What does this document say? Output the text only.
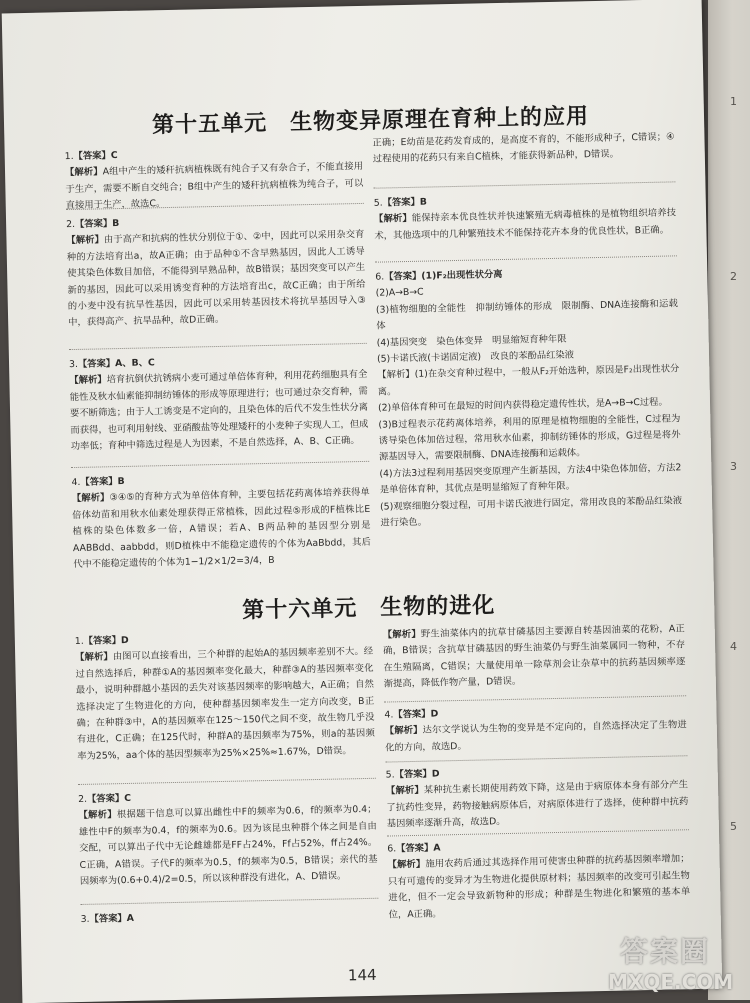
1
2
3
4
5
第十五单元　生物变异原理在育种上的应用
1.【答案】C
【解析】A组中产生的矮秆抗病植株既有纯合子又有杂合子，不能直接用于生产，需要不断自交纯合；B组中产生的矮秆抗病植株为纯合子，可以直接用于生产，故选C。
2.【答案】B
【解析】由于高产和抗病的性状分别位于①、②中，因此可以采用杂交育种的方法培育出a，故A正确；由于品种①不含早熟基因，因此人工诱导使其染色体数目加倍，不能得到早熟品种，故B错误；基因突变可以产生新的基因，因此可以采用诱变育种的方法培育出c，故C正确；由于所给的小麦中没有抗旱性基因，因此可以采用转基因技术将抗旱基因导入③中，获得高产、抗旱品种，故D正确。
3.【答案】A、B、C
【解析】培育抗倒伏抗锈病小麦可通过单倍体育种，利用花药细胞具有全能性及秋水仙素能抑制纺锤体的形成等原理进行；也可通过杂交育种，需要不断筛选；由于人工诱变是不定向的，且染色体的后代不发生性状分离而获得，也可利用射线、亚硝酸盐等处理矮秆的小麦种子实现人工，但成功率低；育种中筛选过程是人为因素，不是自然选择，A、B、C正确。
4.【答案】B
【解析】③④⑤的育种方式为单倍体育种，主要包括花药离体培养获得单倍体幼苗和用秋水仙素处理获得正常植株，因此过程⑤形成的F植株比E植株的染色体数多一倍，A错误；若A、B两品种的基因型分别是AABBdd、aabbdd，则D植株中不能稳定遗传的个体为AaBbdd，其后代中不能稳定遗传的个体为1−1/2×1/2=3/4，B
正确；E幼苗是花药发育成的，是高度不育的，不能形成种子，C错误；④过程使用的花药只有来自C植株，才能获得新品种，D错误。
5.【答案】B
【解析】能保持亲本优良性状并快速繁殖无病毒植株的是植物组织培养技术，其他选项中的几种繁殖技术不能保持花卉本身的优良性状，B正确。
6.【答案】(1)F₂出现性状分离
(2)A→B→C
(3)植物细胞的全能性　抑制纺锤体的形成　限制酶、DNA连接酶和运载体
(4)基因突变　染色体变异　明显缩短育种年限
(5)卡诺氏液(卡诺固定液)　改良的苯酚品红染液
【解析】(1)在杂交育种过程中，一般从F₂开始选种，原因是F₂出现性状分离。
(2)单倍体育种可在最短的时间内获得稳定遗传性状，是A→B→C过程。
(3)B过程表示花药离体培养，利用的原理是植物细胞的全能性，C过程为诱导染色体加倍过程，常用秋水仙素，抑制纺锤体的形成，G过程是将外源基因导入，需要限制酶、DNA连接酶和运载体。
(4)方法3过程利用基因突变原理产生新基因，方法4中染色体加倍，方法2是单倍体育种，其优点是明显缩短了育种年限。
(5)观察细胞分裂过程，可用卡诺氏液进行固定，常用改良的苯酚品红染液进行染色。
第十六单元　生物的进化
1.【答案】D
【解析】由图可以直接看出，三个种群的起始A的基因频率差别不大。经过自然选择后，种群①A的基因频率变化最大，种群③A的基因频率变化最小，说明种群越小基因的丢失对该基因频率的影响越大，A正确；自然选择决定了生物进化的方向，使种群基因频率发生一定方向改变，B正确；在种群③中，A的基因频率在125～150代之间不变，故生物几乎没有进化，C正确；在125代时，种群A的基因频率为75%，则a的基因频率为25%，aa个体的基因型频率为25%×25%≈1.67%，D错误。
2.【答案】C
【解析】根据题干信息可以算出雌性中F的频率为0.6，f的频率为0.4；雄性中F的频率为0.4，f的频率为0.6。因为该昆虫种群个体之间是自由交配，可以算出子代中无论雌雄都是FF占24%，Ff占52%，ff占24%。C正确，A错误。子代F的频率为0.5，f的频率为0.5，B错误；亲代的基因频率为(0.6+0.4)/2=0.5，所以该种群没有进化，A、D错误。
3.【答案】A
【解析】野生油菜体内的抗草甘磷基因主要源自转基因油菜的花粉，A正确，B错误；含抗草甘磷基因的野生油菜仍与野生油菜属同一物种，不存在生殖隔离，C错误；大量使用单一除草剂会让杂草中的抗药基因频率逐渐提高，降低作物产量，D错误。
4.【答案】D
【解析】达尔文学说认为生物的变异是不定向的，自然选择决定了生物进化的方向，故选D。
5.【答案】D
【解析】某种抗生素长期使用药效下降，这是由于病原体本身有部分产生了抗药性变异，药物接触病原体后，对病原体进行了选择，使种群中抗药基因频率逐渐升高，故选D。
6.【答案】A
【解析】施用农药后通过其选择作用可使害虫种群的抗药基因频率增加；只有可遗传的变异才为生物进化提供原材料；基因频率的改变可引起生物进化，但不一定会导致新物种的形成；种群是生物进化和繁殖的基本单位，A正确。
144
答案圈
MXQE.COM
